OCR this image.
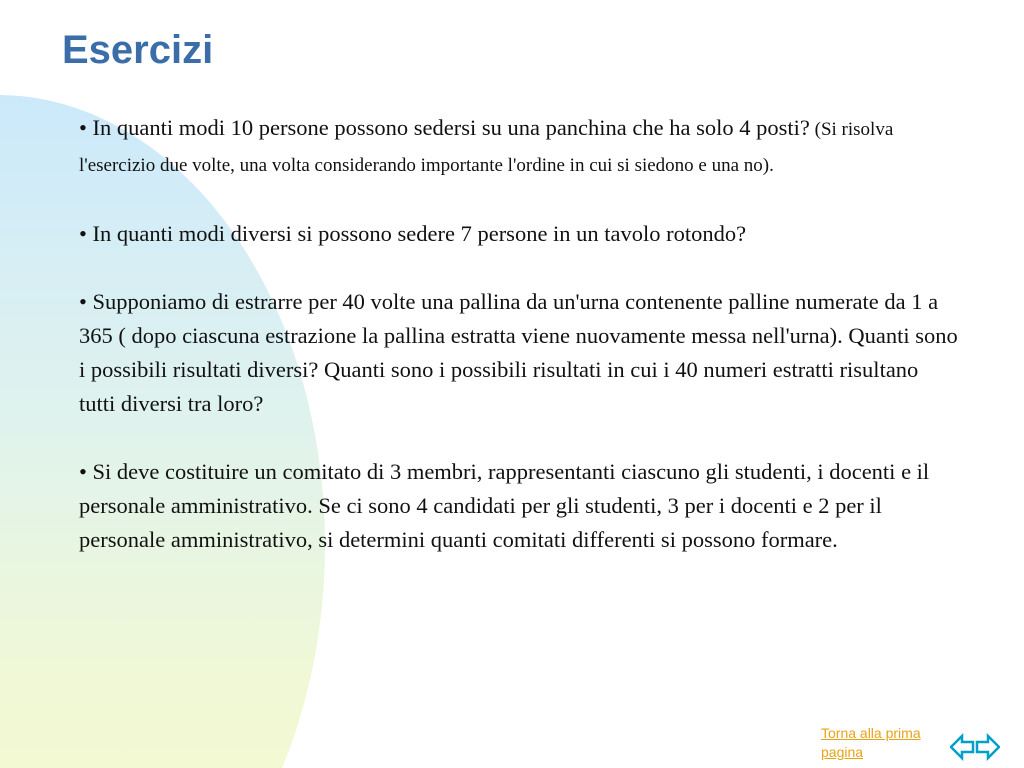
Esercizi

• In quanti modi 10 persone possono sedersi su una panchina che ha solo 4 posti? (Si risolva l'esercizio due volte, una volta considerando importante l'ordine in cui si siedono e una no).

• In quanti modi diversi si possono sedere 7 persone in un tavolo rotondo?

• Supponiamo di estrarre per 40 volte una pallina da un'urna contenente palline numerate da 1 a 365 ( dopo ciascuna estrazione la pallina estratta viene nuovamente messa nell'urna). Quanti sono i possibili risultati diversi? Quanti sono i possibili risultati in cui i 40 numeri estratti risultano tutti diversi tra loro?

• Si deve costituire un comitato di 3 membri, rappresentanti ciascuno gli studenti, i docenti e il personale amministrativo. Se ci sono 4 candidati per gli studenti, 3 per i docenti e 2 per il personale amministrativo, si determini quanti comitati differenti si possono formare.

Torna alla prima pagina
